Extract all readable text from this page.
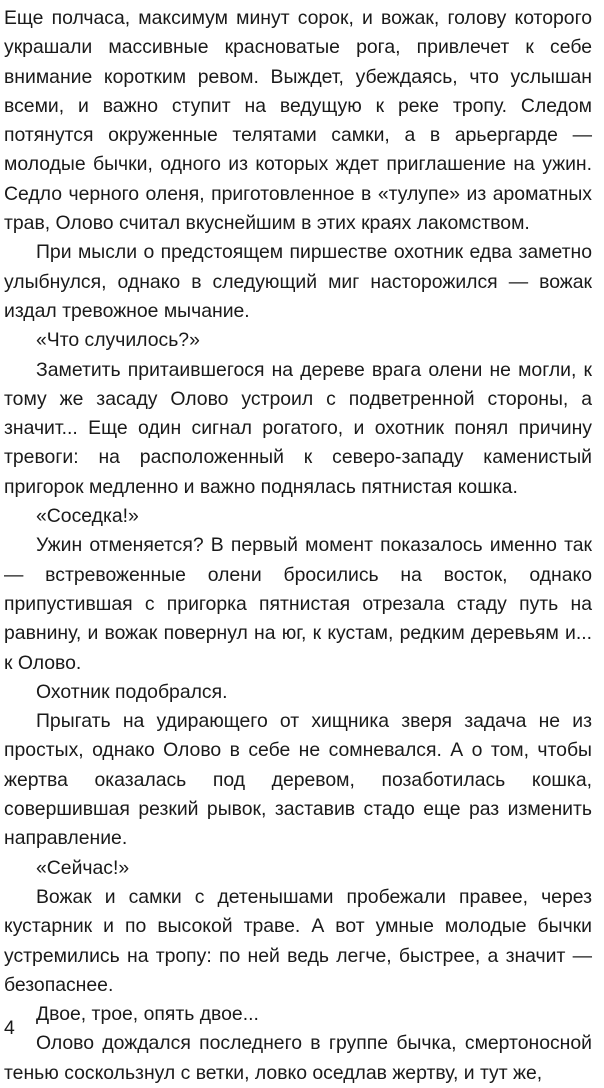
Еще полчаса, максимум минут сорок, и вожак, голову которого украшали массивные красноватые рога, привлечет к себе внимание коротким ревом. Выждет, убеждаясь, что услышан всеми, и важно ступит на ведущую к реке тропу. Следом потянутся окруженные телятами самки, а в арьергарде — молодые бычки, одного из которых ждет приглашение на ужин. Седло черного оленя, приготовленное в «тулупе» из ароматных трав, Олово считал вкуснейшим в этих краях лакомством.

При мысли о предстоящем пиршестве охотник едва заметно улыбнулся, однако в следующий миг насторожился — вожак издал тревожное мычание.

«Что случилось?»

Заметить притаившегося на дереве врага олени не могли, к тому же засаду Олово устроил с подветренной стороны, а значит... Еще один сигнал рогатого, и охотник понял причину тревоги: на расположенный к северо-западу каменистый пригорок медленно и важно поднялась пятнистая кошка.

«Соседка!»

Ужин отменяется? В первый момент показалось именно так — встревоженные олени бросились на восток, однако припустившая с пригорка пятнистая отрезала стаду путь на равнину, и вожак повернул на юг, к кустам, редким деревьям и... к Олово.

Охотник подобрался.

Прыгать на удирающего от хищника зверя задача не из простых, однако Олово в себе не сомневался. А о том, чтобы жертва оказалась под деревом, позаботилась кошка, совершившая резкий рывок, заставив стадо еще раз изменить направление.

«Сейчас!»

Вожак и самки с детенышами пробежали правее, через кустарник и по высокой траве. А вот умные молодые бычки устремились на тропу: по ней ведь легче, быстрее, а значит — безопаснее.

Двое, трое, опять двое...

Олово дождался последнего в группе бычка, смертоносной тенью соскользнул с ветки, ловко оседлав жертву, и тут же,

4
